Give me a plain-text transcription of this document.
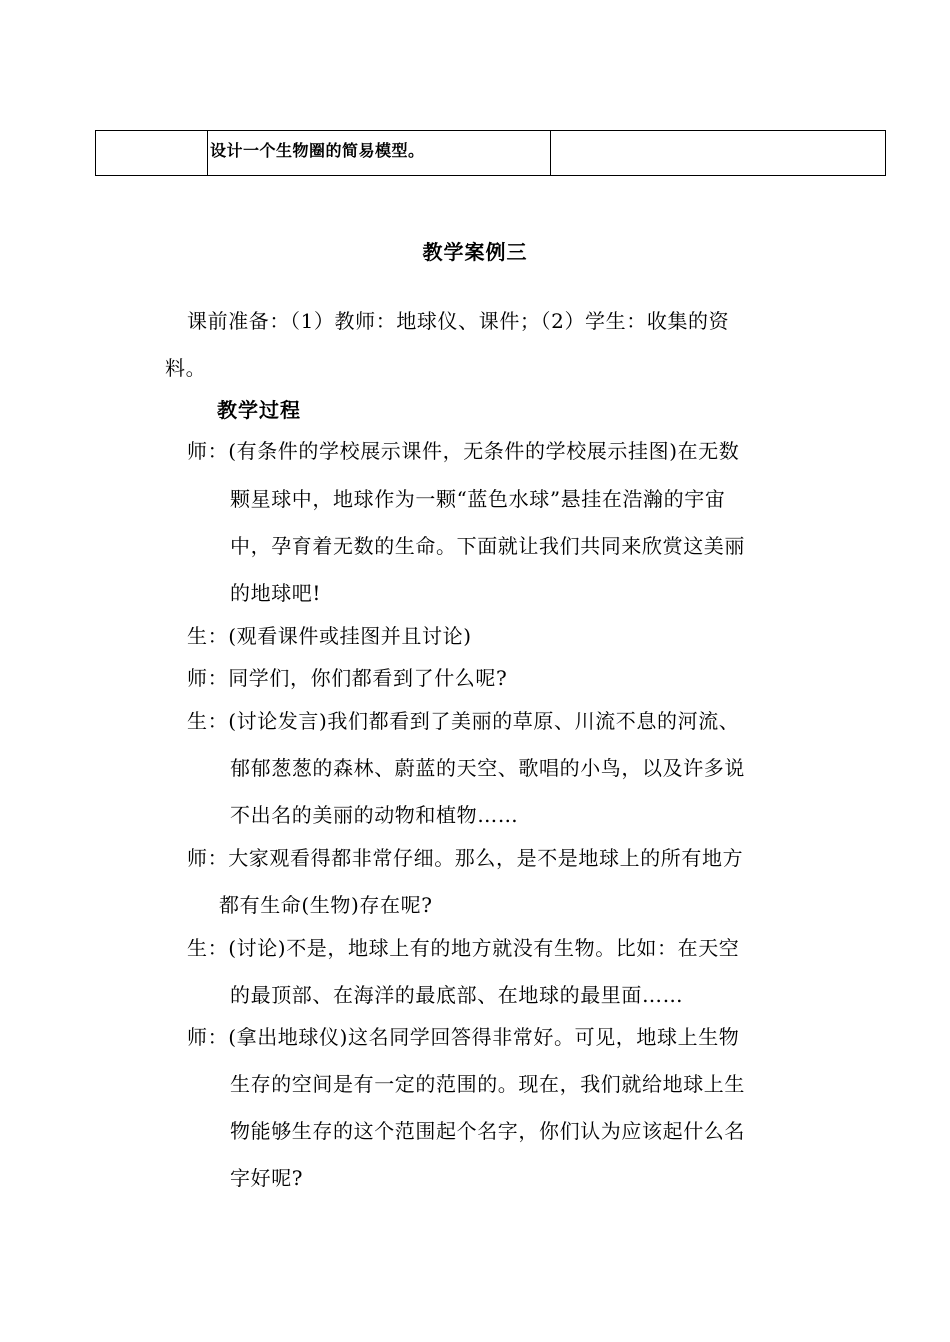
设计一个生物圈的简易模型。
教学案例三
课前准备：（1）教师：地球仪、课件；（2）学生：收集的资
料。
教学过程
师：(有条件的学校展示课件，无条件的学校展示挂图)在无数
颗星球中，地球作为一颗“蓝色水球”悬挂在浩瀚的宇宙
中，孕育着无数的生命。下面就让我们共同来欣赏这美丽
的地球吧!
生：(观看课件或挂图并且讨论)
师：同学们，你们都看到了什么呢?
生：(讨论发言)我们都看到了美丽的草原、川流不息的河流、
郁郁葱葱的森林、蔚蓝的天空、歌唱的小鸟，以及许多说
不出名的美丽的动物和植物……
师：大家观看得都非常仔细。那么，是不是地球上的所有地方
都有生命(生物)存在呢?
生：(讨论)不是，地球上有的地方就没有生物。比如：在天空
的最顶部、在海洋的最底部、在地球的最里面……
师：(拿出地球仪)这名同学回答得非常好。可见，地球上生物
生存的空间是有一定的范围的。现在，我们就给地球上生
物能够生存的这个范围起个名字，你们认为应该起什么名
字好呢?
